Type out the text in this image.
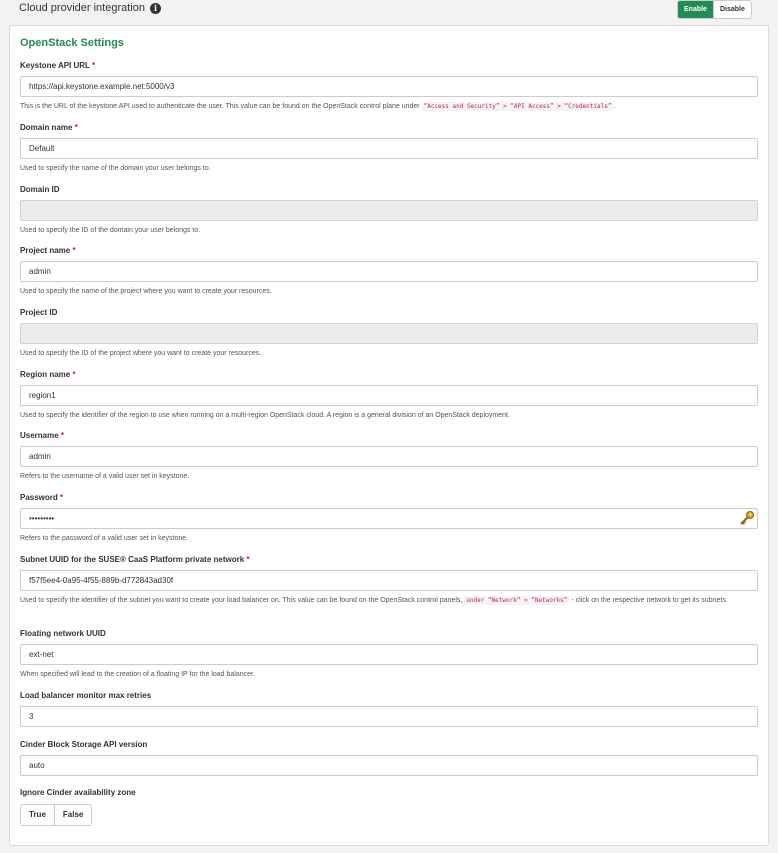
Cloud provider integration	i	Enable	Disable
OpenStack Settings
Keystone API URL *
https://api.keystone.example.net:5000/v3
This is the URL of the keystone API used to authenticate the user. This value can be found on the OpenStack control plane under “Access and Security” > “API Access” > “Credentials” .
Domain name *
Default
Used to specify the name of the domain your user belongs to.
Domain ID
Used to specify the ID of the domain your user belongs to.
Project name *
admin
Used to specify the name of the project where you want to create your resources.
Project ID
Used to specify the ID of the project where you want to create your resources.
Region name *
region1
Used to specify the identifier of the region to use when running on a multi-region OpenStack cloud. A region is a general division of an OpenStack deployment.
Username *
admin
Refers to the username of a valid user set in keystone.
Password *
•••••••••
Refers to the password of a valid user set in keystone.
Subnet UUID for the SUSE® CaaS Platform private network *
f57f5ee4-0a95-4f55-889b-d772843ad30f
Used to specify the identifier of the subnet you want to create your load balancer on. This value can be found on the OpenStack control panels, under “Network” > “Networks” - click on the respective network to get its subnets.
Floating network UUID
ext-net
When specified will lead to the creation of a floating IP for the load balancer.
Load balancer monitor max retries
3
Cinder Block Storage API version
auto
Ignore Cinder availability zone
True	False
